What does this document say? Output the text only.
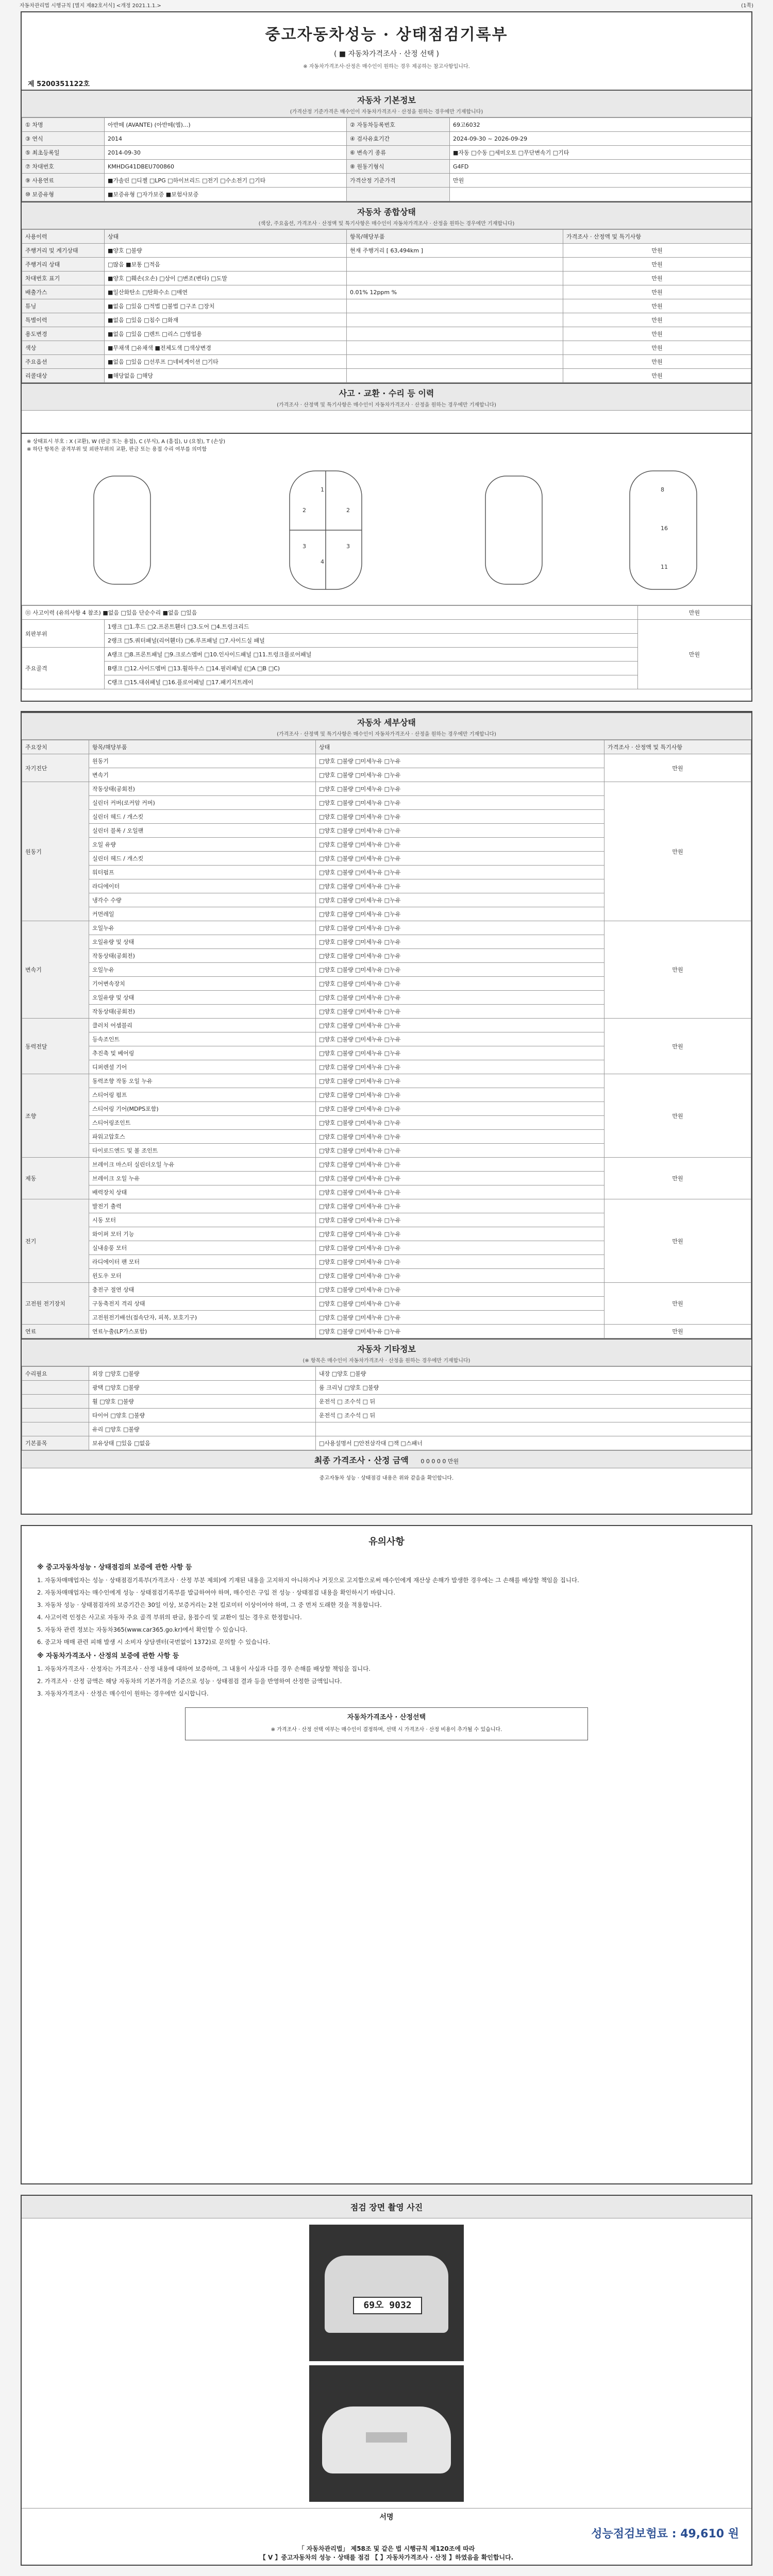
자동차관리법 시행규칙 [별지 제82호서식] <개정 2021.1.1.>	(1쪽)
중고자동차성능 · 상태점검기록부
( ■ 자동차가격조사 · 산정 선택 )
※ 자동차가격조사·산정은 매수인이 원하는 경우 제공하는 참고사항입니다.
제 5200351122호
자동차 기본정보
(가격산정 기준가격은 매수인이 자동차가격조사 · 산정을 원하는 경우에만 기재합니다)
① 차명	아반떼 (AVANTE) (아반떼(엠)...)	② 자동차등록번호	69고6032
③ 연식	2014	④ 검사유효기간	2024-09-30 ~ 2026-09-29
⑤ 최초등록일	2014-09-30	⑥ 변속기 종류	■자동 □수동 □세미오토 □무단변속기 □기타
⑦ 차대번호	KMHDG41DBEU700860	⑧ 원동기형식	G4FD
⑨ 사용연료	■가솔린 □디젤 □LPG □하이브리드 □전기 □수소전기 □기타	가격산정 기준가격	만원
⑩ 보증유형	■보증유형 □자가보증 ■보험사보증		
자동차 종합상태
(색상, 주요옵션, 가격조사 · 산정액 및 특기사항은 매수인이 자동차가격조사 · 산정을 원하는 경우에만 기재합니다)
사용이력	상태	항목/해당부품	가격조사 · 산정액 및 특기사항
주행거리 및 계기상태	■양호 □불량	현재 주행거리 [ 63,494km ]	만원
주행거리 상태	□많음 ■보통 □적음		만원
차대번호 표기	■양호 □훼손(오손) □상이 □변조(변타) □도말		만원
배출가스	■일산화탄소 □탄화수소 □매연	0.01% 12ppm %	만원
튜닝	■없음 □있음 □적법 □불법 □구조 □장치		만원
특별이력	■없음 □있음 □침수 □화재		만원
용도변경	■없음 □있음 □렌트 □리스 □영업용		만원
색상	■무채색 □유채색 ■전체도색 □색상변경		만원
주요옵션	■없음 □있음 □선루프 □네비게이션 □기타		만원
리콜대상	■해당없음 □해당		만원
사고 · 교환 · 수리 등 이력
(가격조사 · 산정액 및 특기사항은 매수인이 자동차가격조사 · 산정을 원하는 경우에만 기재합니다)
※ 상태표시 부호 : X (교환), W (판금 또는 용접), C (부식), A (흠집), U (요철), T (손상)
※ 하단 항목은 골격부위 및 외판부위의 교환, 판금 또는 용접 수리 여부를 의미함
1
4
2	2
3	3
8
16
11
⑪ 사고이력 (유의사항 4 참조) ■없음 □있음 단순수리 ■없음 □있음		만원
외판부위	1랭크 □1.후드 □2.프론트휀더 □3.도어 □4.트렁크리드	만원
	2랭크 □5.쿼터패널(리어휀더) □6.루프패널 □7.사이드실 패널	
주요골격	A랭크 □8.프론트패널 □9.크로스멤버 □10.인사이드패널 □11.트렁크플로어패널	
	B랭크 □12.사이드멤버 □13.휠하우스 □14.필러패널 (□A □B □C)	
	C랭크 □15.대쉬패널 □16.플로어패널 □17.패키지트레이	
자동차 세부상태
(가격조사 · 산정액 및 특기사항은 매수인이 자동차가격조사 · 산정을 원하는 경우에만 기재합니다)
주요장치	항목/해당부품	상태	가격조사 · 산정액 및 특기사항
자기진단	원동기	□양호 □불량 □미세누유 □누유	만원
	변속기	□양호 □불량 □미세누유 □누유	
원동기	작동상태(공회전)	□양호 □불량 □미세누유 □누유	만원
	실린더 커버(로커암 커버)	□양호 □불량 □미세누유 □누유	
	실린더 헤드 / 개스킷	□양호 □불량 □미세누유 □누유	
	실린더 블록 / 오일팬	□양호 □불량 □미세누유 □누유	
	오일 유량	□양호 □불량 □미세누유 □누유	
	실린더 헤드 / 개스킷	□양호 □불량 □미세누유 □누유	
	워터펌프	□양호 □불량 □미세누유 □누유	
	라디에이터	□양호 □불량 □미세누유 □누유	
	냉각수 수량	□양호 □불량 □미세누유 □누유	
	커먼레일	□양호 □불량 □미세누유 □누유	
변속기	오일누유	□양호 □불량 □미세누유 □누유	만원
	오일유량 및 상태	□양호 □불량 □미세누유 □누유	
	작동상태(공회전)	□양호 □불량 □미세누유 □누유	
	오일누유	□양호 □불량 □미세누유 □누유	
	기어변속장치	□양호 □불량 □미세누유 □누유	
	오일유량 및 상태	□양호 □불량 □미세누유 □누유	
	작동상태(공회전)	□양호 □불량 □미세누유 □누유	
동력전달	클러치 어셈블리	□양호 □불량 □미세누유 □누유	만원
	등속조인트	□양호 □불량 □미세누유 □누유	
	추진축 및 베어링	□양호 □불량 □미세누유 □누유	
	디퍼렌셜 기어	□양호 □불량 □미세누유 □누유	
조향	동력조향 작동 오일 누유	□양호 □불량 □미세누유 □누유	만원
	스티어링 펌프	□양호 □불량 □미세누유 □누유	
	스티어링 기어(MDPS포함)	□양호 □불량 □미세누유 □누유	
	스티어링조인트	□양호 □불량 □미세누유 □누유	
	파워고압호스	□양호 □불량 □미세누유 □누유	
	타이로드엔드 및 볼 조인트	□양호 □불량 □미세누유 □누유	
제동	브레이크 마스터 실린더오일 누유	□양호 □불량 □미세누유 □누유	만원
	브레이크 오일 누유	□양호 □불량 □미세누유 □누유	
	배력장치 상태	□양호 □불량 □미세누유 □누유	
전기	발전기 출력	□양호 □불량 □미세누유 □누유	만원
	시동 모터	□양호 □불량 □미세누유 □누유	
	와이퍼 모터 기능	□양호 □불량 □미세누유 □누유	
	실내송풍 모터	□양호 □불량 □미세누유 □누유	
	라디에이터 팬 모터	□양호 □불량 □미세누유 □누유	
	윈도우 모터	□양호 □불량 □미세누유 □누유	
고전원 전기장치	충전구 절연 상태	□양호 □불량 □미세누유 □누유	만원
	구동축전지 격리 상태	□양호 □불량 □미세누유 □누유	
	고전원전기배선(접속단자, 피복, 보호기구)	□양호 □불량 □미세누유 □누유	
연료	연료누출(LP가스포함)	□양호 □불량 □미세누유 □누유	만원
자동차 기타정보
(※ 항목은 매수인이 자동차가격조사 · 산정을 원하는 경우에만 기재합니다)
수리필요	외장 □양호 □불량	내장 □양호 □불량
	광택 □양호 □불량	룸 크리닝 □양호 □불량
	휠 □양호 □불량	운전석 □ 조수석 □ 뒤
	타이어 □양호 □불량	운전석 □ 조수석 □ 뒤
	유리 □양호 □불량	
기본품목	보유상태 □있음 □없음	□사용설명서 □안전삼각대 □잭 □스패너
최종 가격조사 · 산정 금액 0 0 0 0 0 만원
중고자동차 성능 · 상태점검 내용은 위와 같음을 확인합니다.
유의사항
※ 중고자동차성능 · 상태점검의 보증에 관한 사항 등

1. 자동차매매업자는 성능 · 상태점검기록부(가격조사 · 산정 부분 제외)에 기재된 내용을 고지하지 아니하거나 거짓으로 고지함으로써 매수인에게 재산상 손해가 발생한 경우에는 그 손해를 배상할 책임을 집니다.

2. 자동차매매업자는 매수인에게 성능 · 상태점검기록부를 발급하여야 하며, 매수인은 구입 전 성능 · 상태점검 내용을 확인하시기 바랍니다.

3. 자동차 성능 · 상태점검자의 보증기간은 30일 이상, 보증거리는 2천 킬로미터 이상이어야 하며, 그 중 먼저 도래한 것을 적용합니다.

4. 사고이력 인정은 사고로 자동차 주요 골격 부위의 판금, 용접수리 및 교환이 있는 경우로 한정합니다.

5. 자동차 관련 정보는 자동차365(www.car365.go.kr)에서 확인할 수 있습니다.

6. 중고차 매매 관련 피해 발생 시 소비자 상담센터(국번없이 1372)로 문의할 수 있습니다.

※ 자동차가격조사 · 산정의 보증에 관한 사항 등

1. 자동차가격조사 · 산정자는 가격조사 · 산정 내용에 대하여 보증하며, 그 내용이 사실과 다를 경우 손해를 배상할 책임을 집니다.

2. 가격조사 · 산정 금액은 해당 자동차의 기본가격을 기준으로 성능 · 상태점검 결과 등을 반영하여 산정한 금액입니다.

3. 자동차가격조사 · 산정은 매수인이 원하는 경우에만 실시합니다.

자동차가격조사 · 산정선택
※ 가격조사 · 산정 선택 여부는 매수인이 결정하며, 선택 시 가격조사 · 산정 비용이 추가될 수 있습니다.
점검 장면 촬영 사진
69오 9032
서명
성능점검보험료 : 49,610 원
「 자동차관리법」 제58조 및 같은 법 시행규칙 제120조에 따라
【 V 】중고자동차의 성능 · 상태를 점검 【 】자동차가격조사 · 산정 】하였음을 확인합니다.
